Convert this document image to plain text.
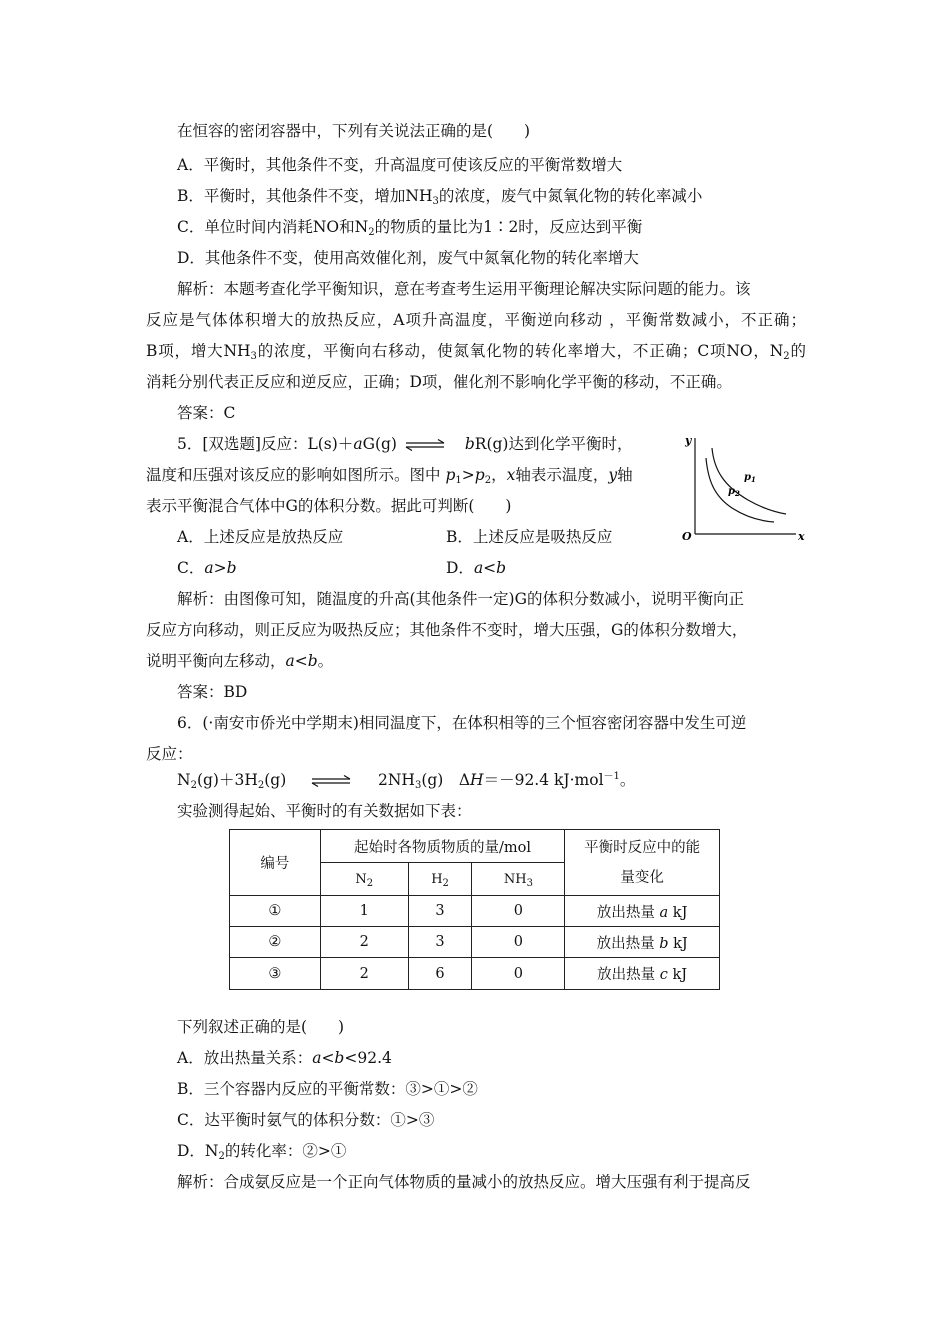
在恒容的密闭容器中，下列有关说法正确的是(　　)
A．平衡时，其他条件不变，升高温度可使该反应的平衡常数增大
B．平衡时，其他条件不变，增加$NH_3$的浓度，废气中氮氧化物的转化率减小
C．单位时间内消耗NO和$N_2$的物质的量比为1∶2时，反应达到平衡
D．其他条件不变，使用高效催化剂，废气中氮氧化物的转化率增大
解析：本题考查化学平衡知识，意在考查考生运用平衡理论解决实际问题的能力。该
反应是气体体积增大的放热反应，A项升高温度，平衡逆向移动 ，平衡常数减小，不正确；
B项，增大$NH_3$的浓度，平衡向右移动，使氮氧化物的转化率增大，不正确；C项NO，$N_2$的
消耗分别代表正反应和逆反应，正确；D项，催化剂不影响化学平衡的移动，不正确。
答案：C
5．[双选题]反应：L(s)＋aG(g) ⇌ bR(g)达到化学平衡时，
温度和压强对该反应的影响如图所示。图中 $p_1>p_2$，x轴表示温度，y轴
表示平衡混合气体中G的体积分数。据此可判断(　　)
A．上述反应是放热反应	B．上述反应是吸热反应
C．a>b	D．a<b
y
x
O
$p_1$
$p_2$
解析：由图像可知，随温度的升高(其他条件一定)G的体积分数减小，说明平衡向正
反应方向移动，则正反应为吸热反应；其他条件不变时，增大压强，G的体积分数增大，
说明平衡向左移动，a<b。
答案：BD
6．(·南安市侨光中学期末)相同温度下，在体积相等的三个恒容密闭容器中发生可逆
反应：
$N_2(g)+3H_2(g)$ ⇌ $2NH_3(g)$　ΔH＝－92.4 kJ·mol$^{-1}$。
实验测得起始、平衡时的有关数据如下表：
编号	起始时各物质物质的量/mol			平衡时反应中的能
量变化
	$N_2$	$H_2$	$NH_3$
①	1	3	0	放出热量 a kJ
②	2	3	0	放出热量 b kJ
③	2	6	0	放出热量 c kJ
下列叙述正确的是(　　)
A．放出热量关系：a<b<92.4
B．三个容器内反应的平衡常数：③>①>②
C．达平衡时氨气的体积分数：①>③
D．$N_2$的转化率：②>①
解析：合成氨反应是一个正向气体物质的量减小的放热反应。增大压强有利于提高反
